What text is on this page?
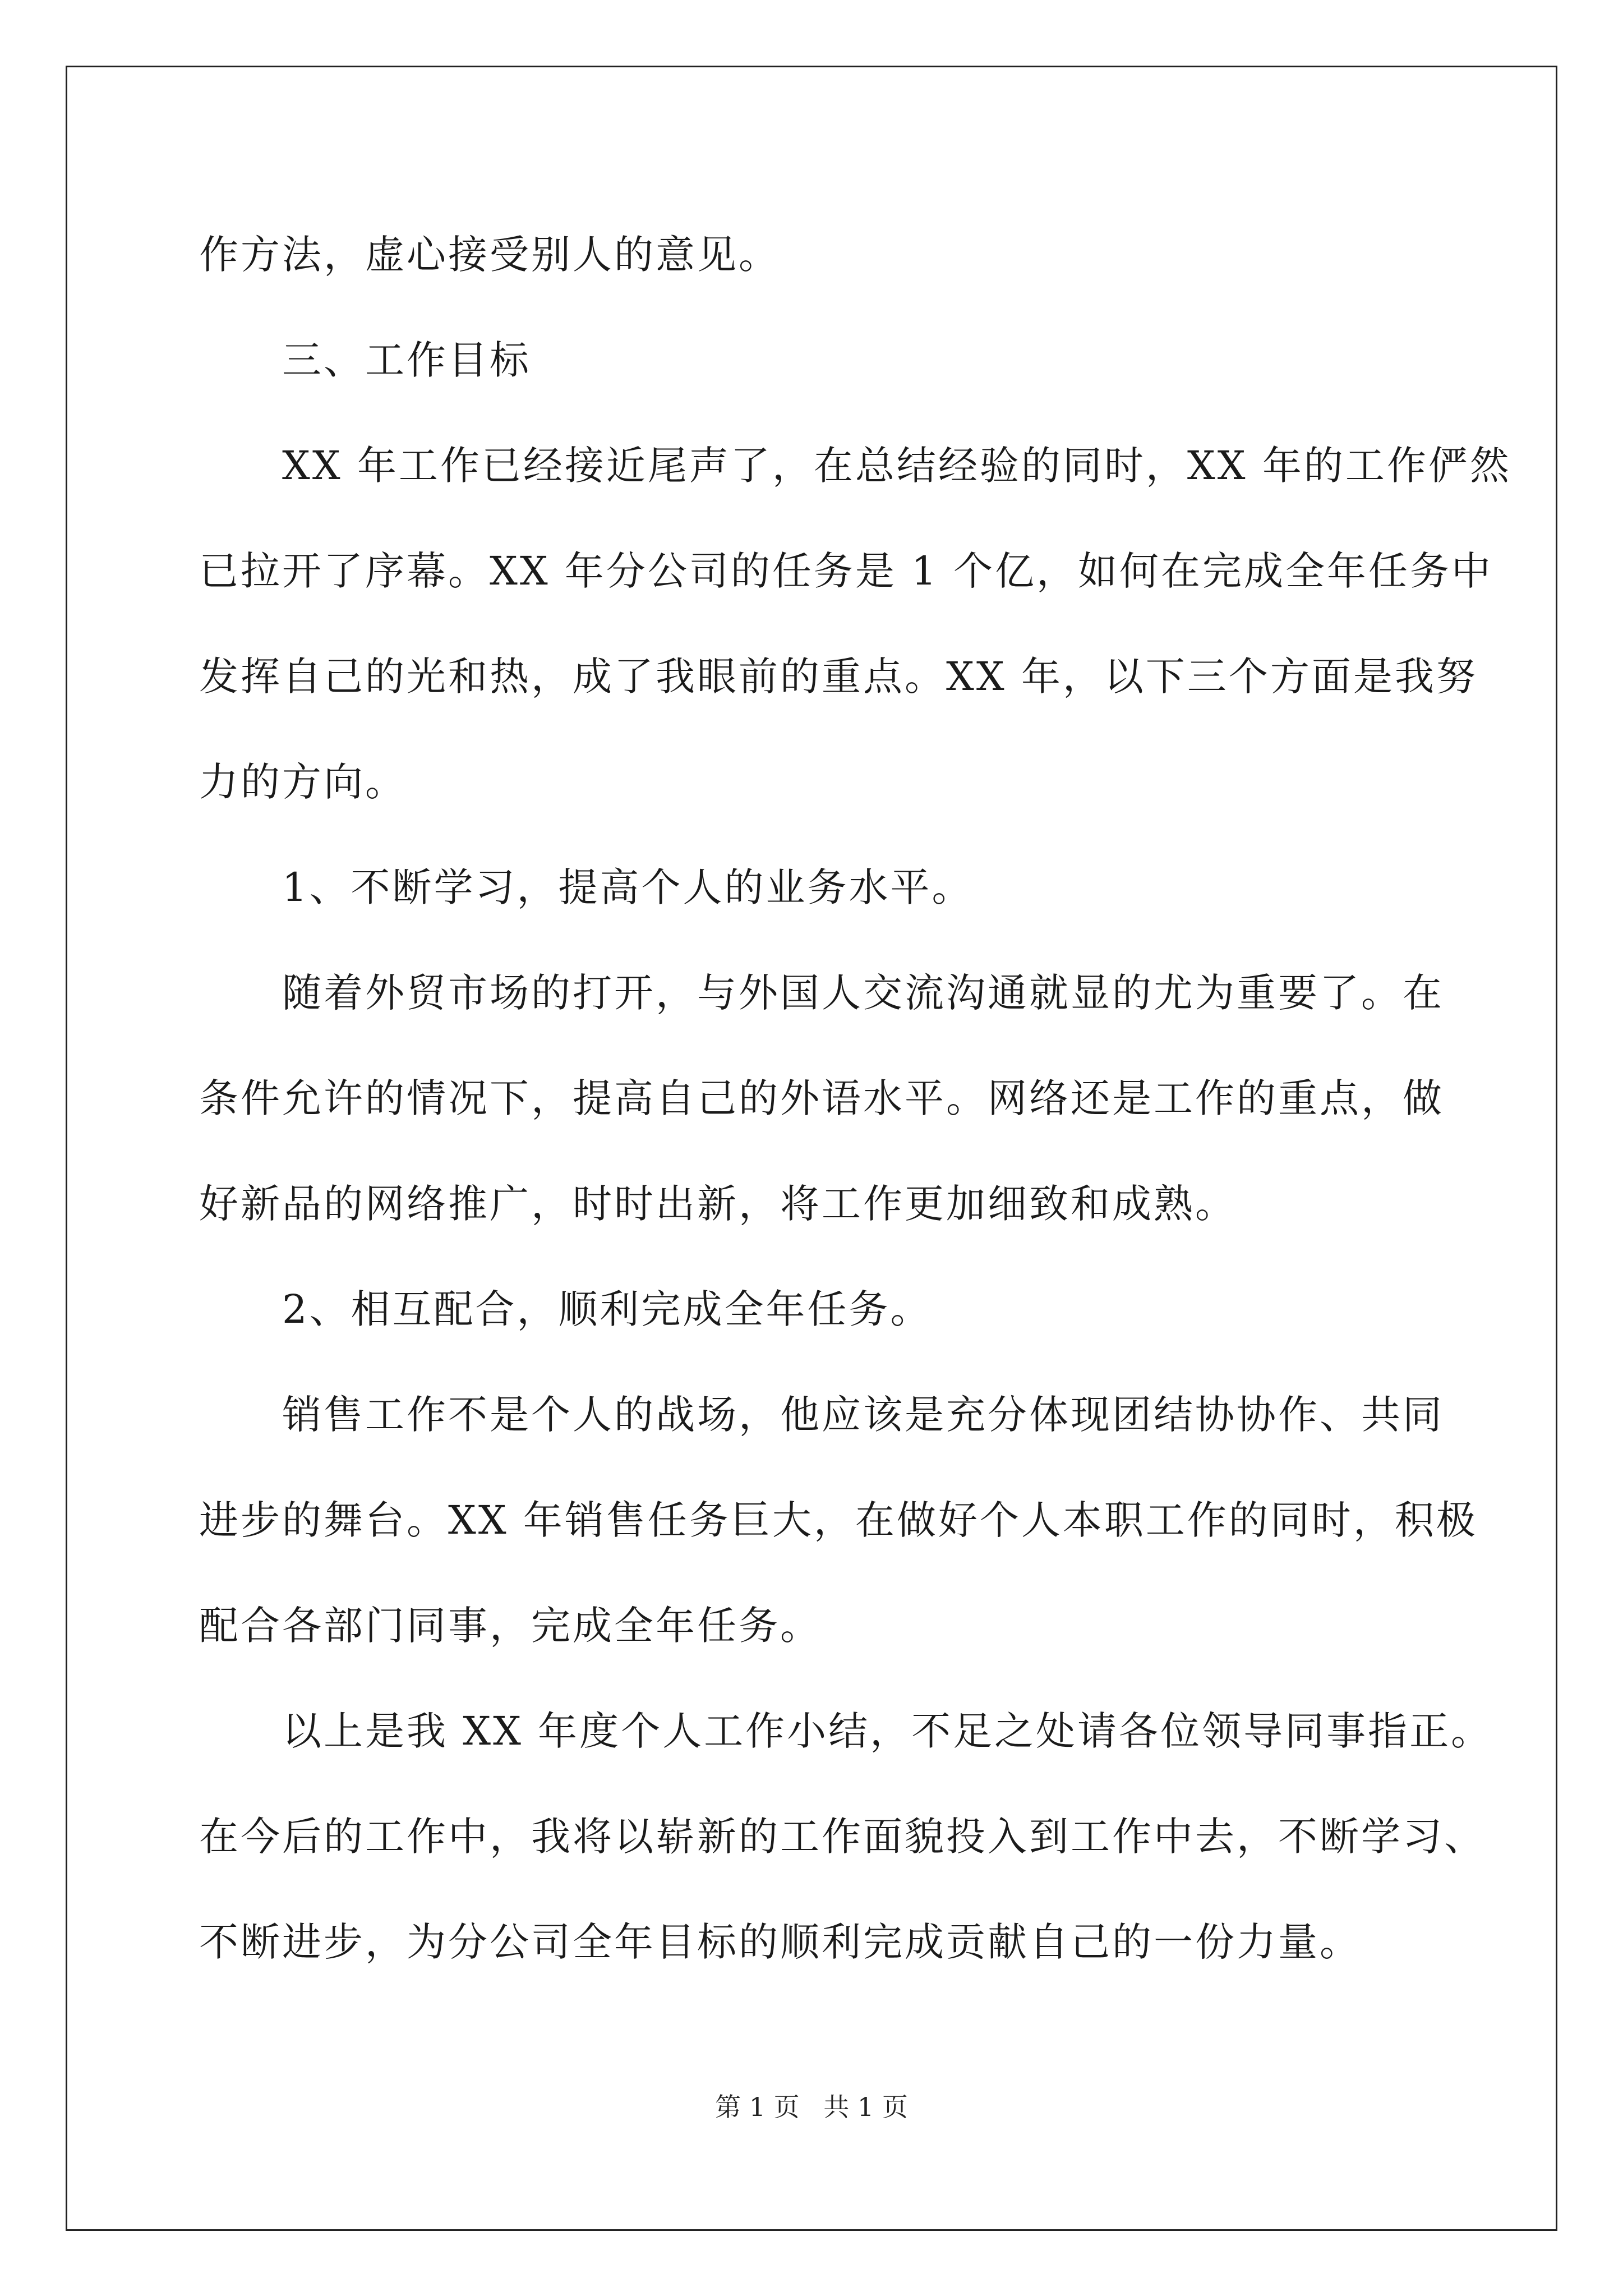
作方法，虚心接受别人的意见。
三、工作目标
XX 年工作已经接近尾声了，在总结经验的同时，XX 年的工作俨然
已拉开了序幕。XX 年分公司的任务是 1 个亿，如何在完成全年任务中
发挥自己的光和热，成了我眼前的重点。XX 年，以下三个方面是我努
力的方向。
1、不断学习，提高个人的业务水平。
随着外贸市场的打开，与外国人交流沟通就显的尤为重要了。在
条件允许的情况下，提高自己的外语水平。网络还是工作的重点，做
好新品的网络推广，时时出新，将工作更加细致和成熟。
2、相互配合，顺利完成全年任务。
销售工作不是个人的战场，他应该是充分体现团结协协作、共同
进步的舞台。XX 年销售任务巨大，在做好个人本职工作的同时，积极
配合各部门同事，完成全年任务。
以上是我 XX 年度个人工作小结，不足之处请各位领导同事指正。
在今后的工作中，我将以崭新的工作面貌投入到工作中去，不断学习、
不断进步，为分公司全年目标的顺利完成贡献自己的一份力量。

第 1 页 共 1 页
